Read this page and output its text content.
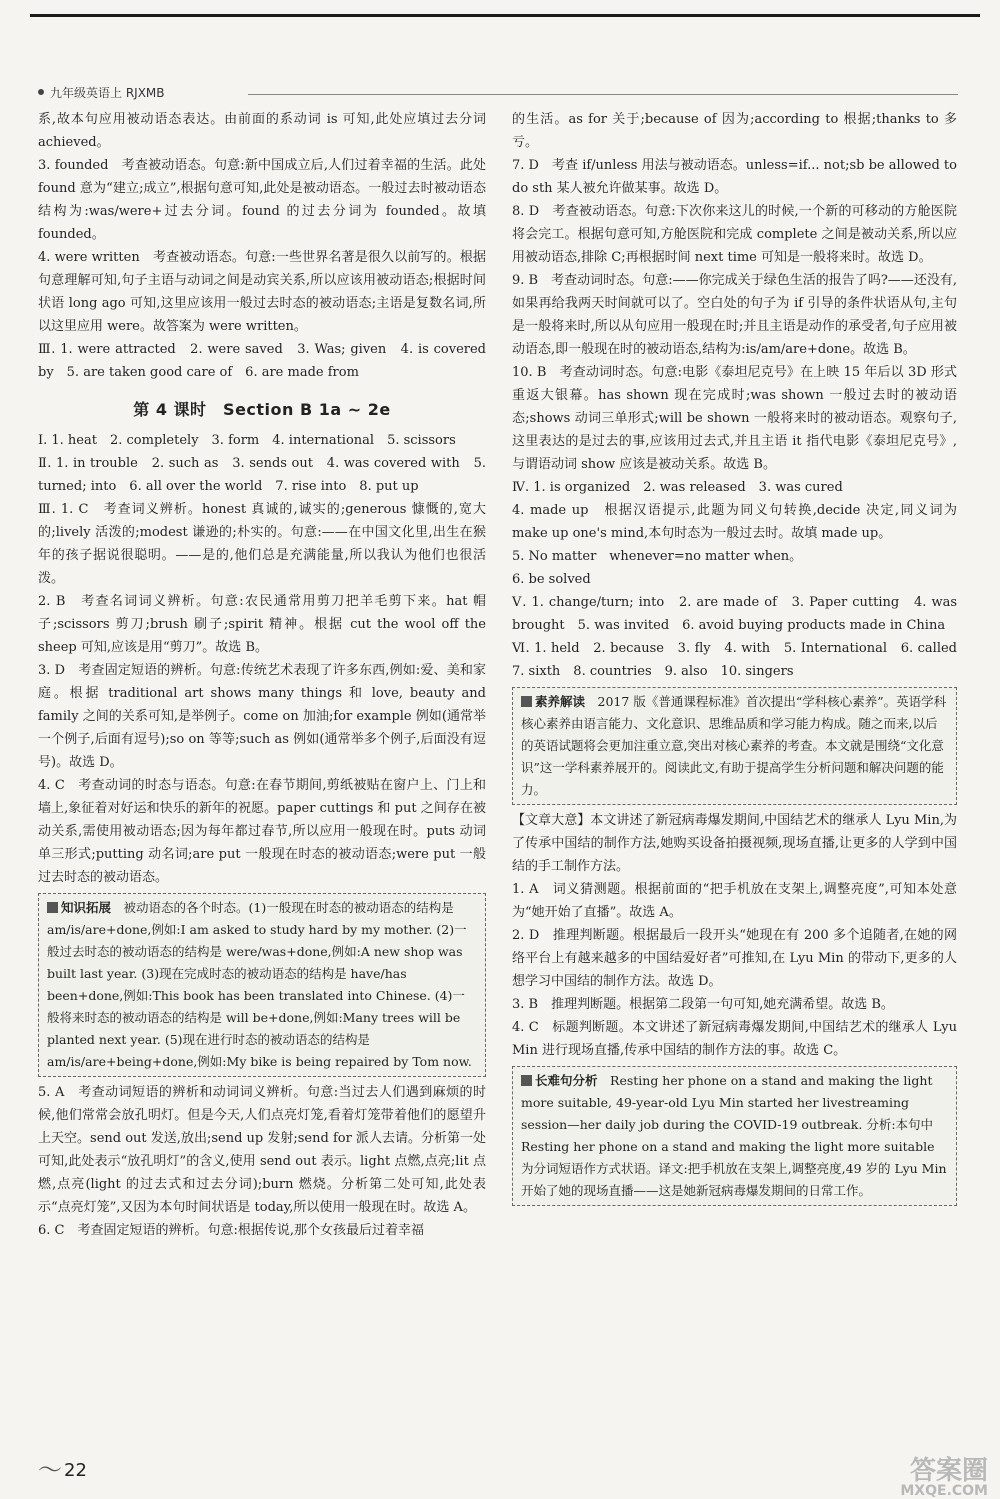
九年级英语上 RJXMB

系,故本句应用被动语态表达。由前面的系动词 is 可知,此处应填过去分词 achieved。

3. founded　考查被动语态。句意:新中国成立后,人们过着幸福的生活。此处 found 意为“建立;成立”,根据句意可知,此处是被动语态。一般过去时被动语态结构为:was/were+过去分词。found 的过去分词为 founded。故填 founded。

4. were written　考查被动语态。句意:一些世界名著是很久以前写的。根据句意理解可知,句子主语与动词之间是动宾关系,所以应该用被动语态;根据时间状语 long ago 可知,这里应该用一般过去时态的被动语态;主语是复数名词,所以这里应用 were。故答案为 were written。

Ⅲ. 1. were attracted　2. were saved　3. Was; given　4. is covered by　5. are taken good care of　6. are made from

第 4 课时　Section B 1a ~ 2e

Ⅰ. 1. heat　2. completely　3. form　4. international　5. scissors

Ⅱ. 1. in trouble　2. such as　3. sends out　4. was covered with　5. turned; into　6. all over the world　7. rise into　8. put up

Ⅲ. 1. C　考查词义辨析。honest 真诚的,诚实的;generous 慷慨的,宽大的;lively 活泼的;modest 谦逊的;朴实的。句意:——在中国文化里,出生在猴年的孩子据说很聪明。——是的,他们总是充满能量,所以我认为他们也很活泼。

2. B　考查名词词义辨析。句意:农民通常用剪刀把羊毛剪下来。hat 帽子;scissors 剪刀;brush 刷子;spirit 精神。根据 cut the wool off the sheep 可知,应该是用“剪刀”。故选 B。

3. D　考查固定短语的辨析。句意:传统艺术表现了许多东西,例如:爱、美和家庭。根据 traditional art shows many things 和 love, beauty and family 之间的关系可知,是举例子。come on 加油;for example 例如(通常举一个例子,后面有逗号);so on 等等;such as 例如(通常举多个例子,后面没有逗号)。故选 D。

4. C　考查动词的时态与语态。句意:在春节期间,剪纸被贴在窗户上、门上和墙上,象征着对好运和快乐的新年的祝愿。paper cuttings 和 put 之间存在被动关系,需使用被动语态;因为每年都过春节,所以应用一般现在时。puts 动词单三形式;putting 动名词;are put 一般现在时态的被动语态;were put 一般过去时态的被动语态。

知识拓展　 被动语态的各个时态。(1)一般现在时态的被动语态的结构是 am/is/are+done,例如:I am asked to study hard by my mother. (2)一般过去时态的被动语态的结构是 were/was+done,例如:A new shop was built last year. (3)现在完成时态的被动语态的结构是 have/has been+done,例如:This book has been translated into Chinese. (4)一般将来时态的被动语态的结构是 will be+done,例如:Many trees will be planted next year. (5)现在进行时态的被动语态的结构是 am/is/are+being+done,例如:My bike is being repaired by Tom now.

5. A　考查动词短语的辨析和动词词义辨析。句意:当过去人们遇到麻烦的时候,他们常常会放孔明灯。但是今天,人们点亮灯笼,看着灯笼带着他们的愿望升上天空。send out 发送,放出;send up 发射;send for 派人去请。分析第一处可知,此处表示“放孔明灯”的含义,使用 send out 表示。light 点燃,点亮;lit 点燃,点亮(light 的过去式和过去分词);burn 燃烧。分析第二处可知,此处表示“点亮灯笼”,又因为本句时间状语是 today,所以使用一般现在时。故选 A。

6. C　考查固定短语的辨析。句意:根据传说,那个女孩最后过着幸福

的生活。as for 关于;because of 因为;according to 根据;thanks to 多亏。

7. D　考查 if/unless 用法与被动语态。unless=if... not;sb be allowed to do sth 某人被允许做某事。故选 D。

8. D　考查被动语态。句意:下次你来这儿的时候,一个新的可移动的方舱医院将会完工。根据句意可知,方舱医院和完成 complete 之间是被动关系,所以应用被动语态,排除 C;再根据时间 next time 可知是一般将来时。故选 D。

9. B　考查动词时态。句意:——你完成关于绿色生活的报告了吗?——还没有,如果再给我两天时间就可以了。空白处的句子为 if 引导的条件状语从句,主句是一般将来时,所以从句应用一般现在时;并且主语是动作的承受者,句子应用被动语态,即一般现在时的被动语态,结构为:is/am/are+done。故选 B。

10. B　考查动词时态。句意:电影《泰坦尼克号》在上映 15 年后以 3D 形式重返大银幕。has shown 现在完成时;was shown 一般过去时的被动语态;shows 动词三单形式;will be shown 一般将来时的被动语态。观察句子,这里表达的是过去的事,应该用过去式,并且主语 it 指代电影《泰坦尼克号》,与谓语动词 show 应该是被动关系。故选 B。

Ⅳ. 1. is organized　2. was released　3. was cured

4. made up　根据汉语提示,此题为同义句转换,decide 决定,同义词为 make up one's mind,本句时态为一般过去时。故填 made up。

5. No matter　whenever=no matter when。

6. be solved

Ⅴ. 1. change/turn; into　2. are made of　3. Paper cutting　4. was brought　5. was invited　6. avoid buying products made in China

Ⅵ. 1. held　2. because　3. fly　4. with　5. International　6. called　7. sixth　8. countries　9. also　10. singers

素养解读　 2017 版《普通课程标准》首次提出“学科核心素养”。英语学科核心素养由语言能力、文化意识、思维品质和学习能力构成。随之而来,以后的英语试题将会更加注重立意,突出对核心素养的考查。本文就是围绕“文化意识”这一学科素养展开的。阅读此文,有助于提高学生分析问题和解决问题的能力。

【文章大意】本文讲述了新冠病毒爆发期间,中国结艺术的继承人 Lyu Min,为了传承中国结的制作方法,她购买设备拍摄视频,现场直播,让更多的人学到中国结的手工制作方法。

1. A　词义猜测题。根据前面的“把手机放在支架上,调整亮度”,可知本处意为“她开始了直播”。故选 A。

2. D　推理判断题。根据最后一段开头“她现在有 200 多个追随者,在她的网络平台上有越来越多的中国结爱好者”可推知,在 Lyu Min 的带动下,更多的人想学习中国结的制作方法。故选 D。

3. B　推理判断题。根据第二段第一句可知,她充满希望。故选 B。

4. C　标题判断题。本文讲述了新冠病毒爆发期间,中国结艺术的继承人 Lyu Min 进行现场直播,传承中国结的制作方法的事。故选 C。

长难句分析　 Resting her phone on a stand and making the light more suitable, 49-year-old Lyu Min started her livestreaming session—her daily job during the COVID-19 outbreak. 分析:本句中 Resting her phone on a stand and making the light more suitable 为分词短语作方式状语。译文:把手机放在支架上,调整亮度,49 岁的 Lyu Min 开始了她的现场直播——这是她新冠病毒爆发期间的日常工作。
〜 22	答案圈
MXQE.COM
